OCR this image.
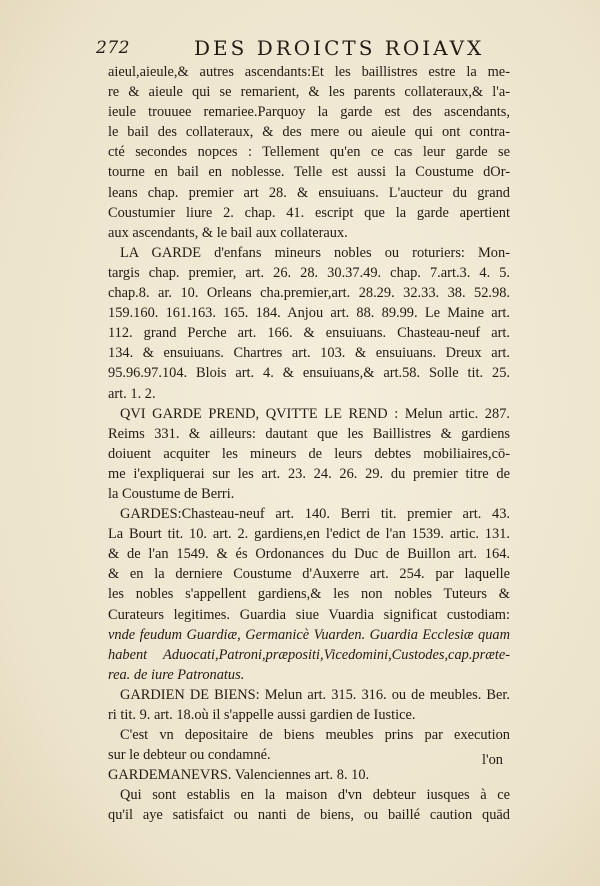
272	DES DROICTS ROIAVX
aieul,aieule,& autres ascendants:Et les baillistres estre la me-
re & aieule qui se remarient, & les parents collateraux,& l'a-
ieule trouuee remariee.Parquoy la garde est des ascendants,
le bail des collateraux, & des mere ou aieule qui ont contra-
cté secondes nopces : Tellement qu'en ce cas leur garde se
tourne en bail en noblesse. Telle est aussi la Coustume dOr-
leans chap. premier art 28. & ensuiuans. L'aucteur du grand
Coustumier liure 2. chap. 41. escript que la garde apertient
aux ascendants, & le bail aux collateraux.
LA GARDE d'enfans mineurs nobles ou roturiers: Mon-
targis chap. premier, art. 26. 28. 30.37.49. chap. 7.art.3. 4. 5.
chap.8. ar. 10. Orleans cha.premier,art. 28.29. 32.33. 38. 52.98.
159.160. 161.163. 165. 184. Anjou art. 88. 89.99. Le Maine art.
112. grand Perche art. 166. & ensuiuans. Chasteau-neuf art.
134. & ensuiuans. Chartres art. 103. & ensuiuans. Dreux art.
95.96.97.104. Blois art. 4. & ensuiuans,& art.58. Solle tit. 25.
art. 1. 2.
QVI GARDE PREND, QVITTE LE REND : Melun artic. 287.
Reims 331. & ailleurs: dautant que les Baillistres & gardiens
doiuent acquiter les mineurs de leurs debtes mobiliaires,cō-
me i'expliquerai sur les art. 23. 24. 26. 29. du premier titre de
la Coustume de Berri.
GARDES:Chasteau-neuf art. 140. Berri tit. premier art. 43.
La Bourt tit. 10. art. 2. gardiens,en l'edict de l'an 1539. artic. 131.
& de l'an 1549. & és Ordonances du Duc de Buillon art. 164.
& en la derniere Coustume d'Auxerre art. 254. par laquelle
les nobles s'appellent gardiens,& les non nobles Tuteurs &
Curateurs legitimes. Guardia siue Vuardia significat custodiam:
vnde feudum Guardiæ, Germanicè Vuarden. Guardia Ecclesiæ quam
habent Aduocati,Patroni,præpositi,Vicedomini,Custodes,cap.præte-
rea. de iure Patronatus.
GARDIEN DE BIENS: Melun art. 315. 316. ou de meubles. Ber.
ri tit. 9. art. 18.où il s'appelle aussi gardien de Iustice.
C'est vn depositaire de biens meubles prins par execution
sur le debteur ou condamné.
GARDEMANEVRS. Valenciennes art. 8. 10.
Qui sont establis en la maison d'vn debteur iusques à ce
qu'il aye satisfaict ou nanti de biens, ou baillé caution quād
l'on
